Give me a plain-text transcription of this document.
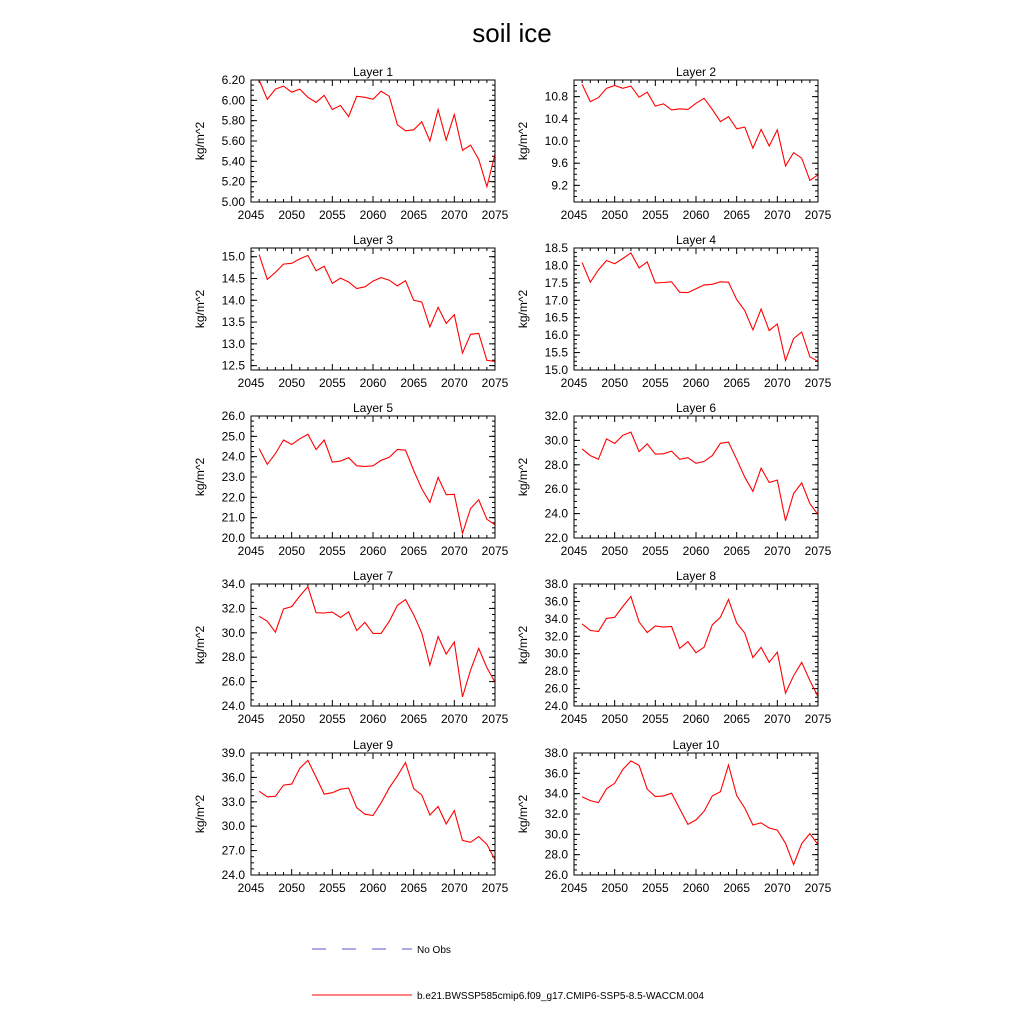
soil ice
Layer 1
kg/m^2
2045 2050 2055 2060 2065 2070 2075
5.00
5.20
5.40
5.60
5.80
6.00
6.20
Layer 2
kg/m^2
2045 2050 2055 2060 2065 2070 2075
9.2
9.6
10.0
10.4
10.8
Layer 3
kg/m^2
2045 2050 2055 2060 2065 2070 2075
12.5
13.0
13.5
14.0
14.5
15.0
Layer 4
kg/m^2
2045 2050 2055 2060 2065 2070 2075
15.0
15.5
16.0
16.5
17.0
17.5
18.0
18.5
Layer 5
kg/m^2
2045 2050 2055 2060 2065 2070 2075
20.0
21.0
22.0
23.0
24.0
25.0
26.0
Layer 6
kg/m^2
2045 2050 2055 2060 2065 2070 2075
22.0
24.0
26.0
28.0
30.0
32.0
Layer 7
kg/m^2
2045 2050 2055 2060 2065 2070 2075
24.0
26.0
28.0
30.0
32.0
34.0
Layer 8
kg/m^2
2045 2050 2055 2060 2065 2070 2075
24.0
26.0
28.0
30.0
32.0
34.0
36.0
38.0
Layer 9
kg/m^2
2045 2050 2055 2060 2065 2070 2075
24.0
27.0
30.0
33.0
36.0
39.0
Layer 10
kg/m^2
2045 2050 2055 2060 2065 2070 2075
26.0
28.0
30.0
32.0
34.0
36.0
38.0
No Obs
b.e21.BWSSP585cmip6.f09_g17.CMIP6-SSP5-8.5-WACCM.004
